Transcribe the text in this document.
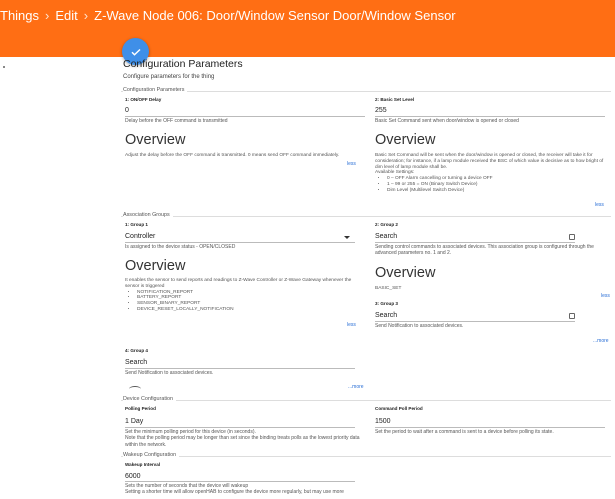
Things › Edit › Z-Wave Node 006: Door/Window Sensor Door/Window Sensor
Configuration Parameters
Configure parameters for the thing
Configuration Parameters
1: ON/OFF Delay
0
Delay before the OFF command is transmitted
Overview
Adjust the delay before the OFF command is transmitted. 0 means send OFF command immediately.
less
2: Basic Set Level
255
Basic Set Command sent when door/window is opened or closed
Overview
Basic Set Command will be sent when the door/window is opened or closed, the receiver will take it for consideration; for instance, if a lamp module received the BSC of which value is decisive as to how bright of dim level of lamp module shall be.
Available Settings:
• 0 – OFF Alarm cancelling or turning a device OFF
• 1 – 99 or 255 = ON (Binary Switch Device)
• Dim Level (Multilevel Switch Device)
less
Association Groups
1: Group 1
Controller
Is assigned to the device status - OPEN/CLOSED
Overview
It enables the sensor to send reports and readings to Z-Wave Controller or Z-Wave Gateway whenever the sensor is triggered
• NOTIFICATION_REPORT
• BATTERY_REPORT
• SENSOR_BINARY_REPORT
• DEVICE_RESET_LOCALLY_NOTIFICATION
less
2: Group 2
Search
Sending control commands to associated devices. This association group is configured through the advanced parameters no. 1 and 2.
Overview
BASIC_SET
less
3: Group 3
Search
Send Notification to associated devices.
...more
4: Group 4
Search
Send Notification to associated devices.
...more
Device Configuration
Polling Period
1 Day
Set the minimum polling period for this device (in seconds).
Note that the polling period may be longer than set since the binding treats polls as the lowest priority data within the network.
Command Poll Period
1500
Set the period to wait after a command is sent to a device before polling its state.
Wakeup Configuration
Wakeup Interval
6000
Sets the number of seconds that the device will wakeup
Setting a shorter time will allow openHAB to configure the device more regularly, but may use more
